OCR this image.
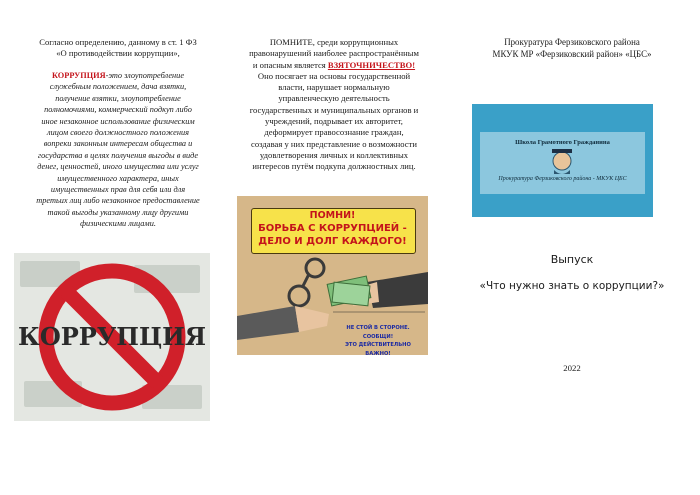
Согласно определению, данному в ст. 1 ФЗ
«О противодействии коррупции»,
КОРРУПЦИЯ-это злоупотребление
служебным положением, дача взятки,
получение взятки, злоупотребление
полномочиями, коммерческий подкуп либо
иное незаконное использование физическим
лицом своего должностного положения
вопреки законным интересам общества и
государства в целях получения выгоды в виде
денег, ценностей, иного имущества или услуг
имущественного характера, иных
имущественных прав для себя или для
третьих лиц либо незаконное предоставление
такой выгоды указанному лицу другими
физическими лицами.
КОРРУПЦИЯ
ПОМНИТЕ, среди коррупционных
правонарушений наиболее распространённым
и опасным является ВЗЯТОЧНИЧЕСТВО!
Оно посягает на основы государственной
власти, нарушает нормальную
управленческую деятельность
государственных и муниципальных органов и
учреждений, подрывает их авторитет,
деформирует правосознание граждан,
создавая у них представление о возможности
удовлетворения личных и коллективных
интересов путём подкупа должностных лиц.
ПОМНИ!
БОРЬБА С КОРРУПЦИЕЙ -
ДЕЛО И ДОЛГ КАЖДОГО!
НЕ СТОЙ В СТОРОНЕ.
СООБЩИ!
ЭТО ДЕЙСТВИТЕЛЬНО ВАЖНО!
Прокуратура Ферзиковского района
МКУК МР «Ферзиковский район» «ЦБС»
Школа Грамотного Гражданина
Прокуратура Ферзиковского района - МКУК ЦБС
Выпуск
«Что нужно знать о коррупции?»
2022
